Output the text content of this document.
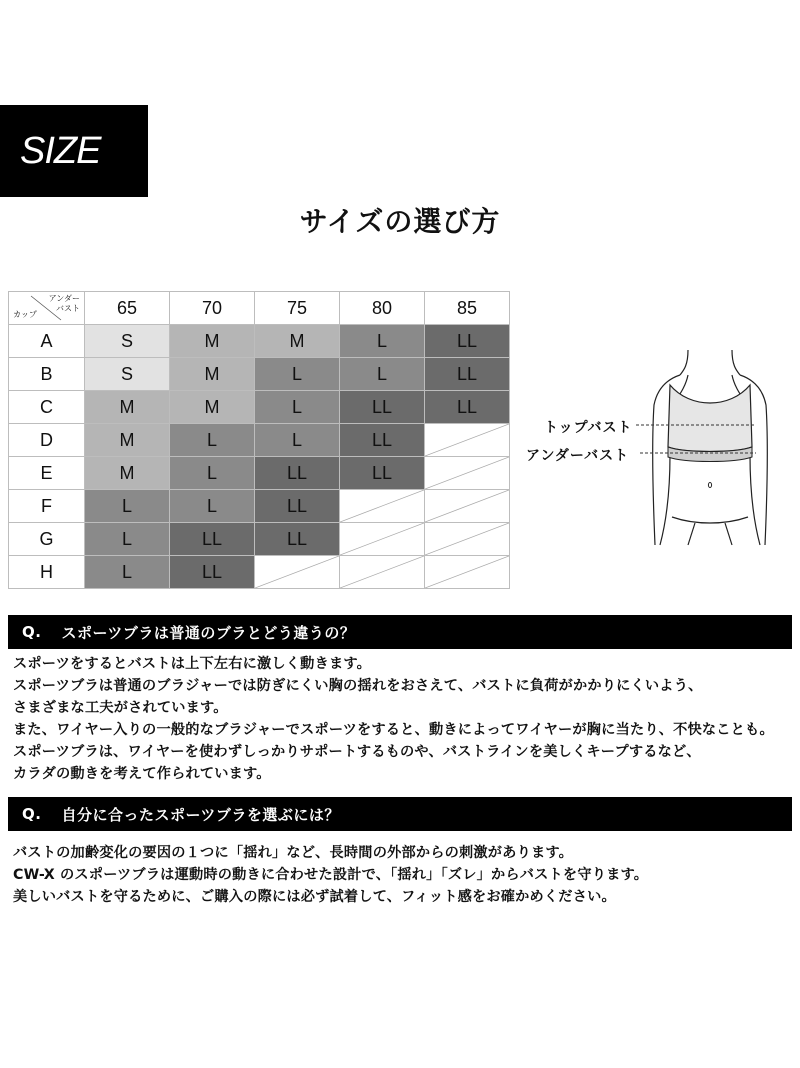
SIZE
サイズの選び方
アンダー
バスト
カップ	65	70	75	80	85
A	S	M	M	L	LL
B	S	M	L	L	LL
C	M	M	L	LL	LL
D	M	L	L	LL	

E	M	L	LL	LL	

F	L	L	LL	

G	L	LL	LL	

H	L	LL	

トップバスト
アンダーバスト
Q. スポーツブラは普通のブラとどう違うの？
スポーツをするとバストは上下左右に激しく動きます。
スポーツブラは普通のブラジャーでは防ぎにくい胸の揺れをおさえて、バストに負荷がかかりにくいよう、
さまざまな工夫がされています。
また、ワイヤー入りの一般的なブラジャーでスポーツをすると、動きによってワイヤーが胸に当たり、不快なことも。
スポーツブラは、ワイヤーを使わずしっかりサポートするものや、バストラインを美しくキープするなど、
カラダの動きを考えて作られています。
Q. 自分に合ったスポーツブラを選ぶには？
バストの加齢変化の要因の１つに「揺れ」など、長時間の外部からの刺激があります。
CW-X のスポーツブラは運動時の動きに合わせた設計で、「揺れ」「ズレ」からバストを守ります。
美しいバストを守るために、ご購入の際には必ず試着して、フィット感をお確かめください。
